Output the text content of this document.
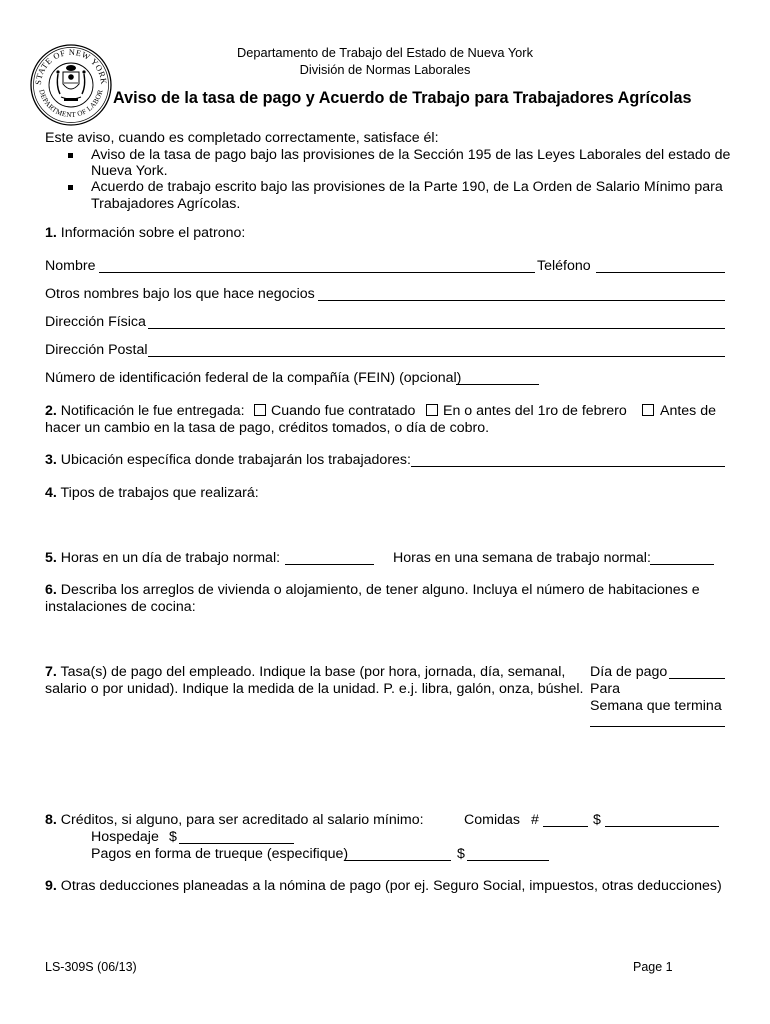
STATE OF NEW YORK
DEPARTMENT OF LABOR
Departamento de Trabajo del Estado de Nueva York
División de Normas Laborales
Aviso de la tasa de pago y Acuerdo de Trabajo para Trabajadores Agrícolas
Este aviso, cuando es completado correctamente, satisface él:
Aviso de la tasa de pago bajo las provisiones de la Sección 195 de las Leyes Laborales del estado de
Nueva York.
Acuerdo de trabajo escrito bajo las provisiones de la Parte 190, de La Orden de Salario Mínimo para
Trabajadores Agrícolas.
1. Información sobre el patrono:
Nombre	Teléfono
Otros nombres bajo los que hace negocios
Dirección Física
Dirección Postal
Número de identificación federal de la compañía (FEIN) (opcional)
2. Notificación le fue entregada: Cuando fue contratado En o antes del 1ro de febrero Antes de
hacer un cambio en la tasa de pago, créditos tomados, o día de cobro.
3. Ubicación específica donde trabajarán los trabajadores:
4. Tipos de trabajos que realizará:
5. Horas en un día de trabajo normal:	Horas en una semana de trabajo normal:
6. Describa los arreglos de vivienda o alojamiento, de tener alguno. Incluya el número de habitaciones e
instalaciones de cocina:
7. Tasa(s) de pago del empleado. Indique la base (por hora, jornada, día, semanal,
salario o por unidad). Indique la medida de la unidad. P. e.j. libra, galón, onza, búshel.
Día de pago
Para
Semana que termina
8. Créditos, si alguno, para ser acreditado al salario mínimo:	Comidas #	$
Hospedaje $
Pagos en forma de trueque (especifique)	$
9. Otras deducciones planeadas a la nómina de pago (por ej. Seguro Social, impuestos, otras deducciones)
LS-309S (06/13)	Page 1
